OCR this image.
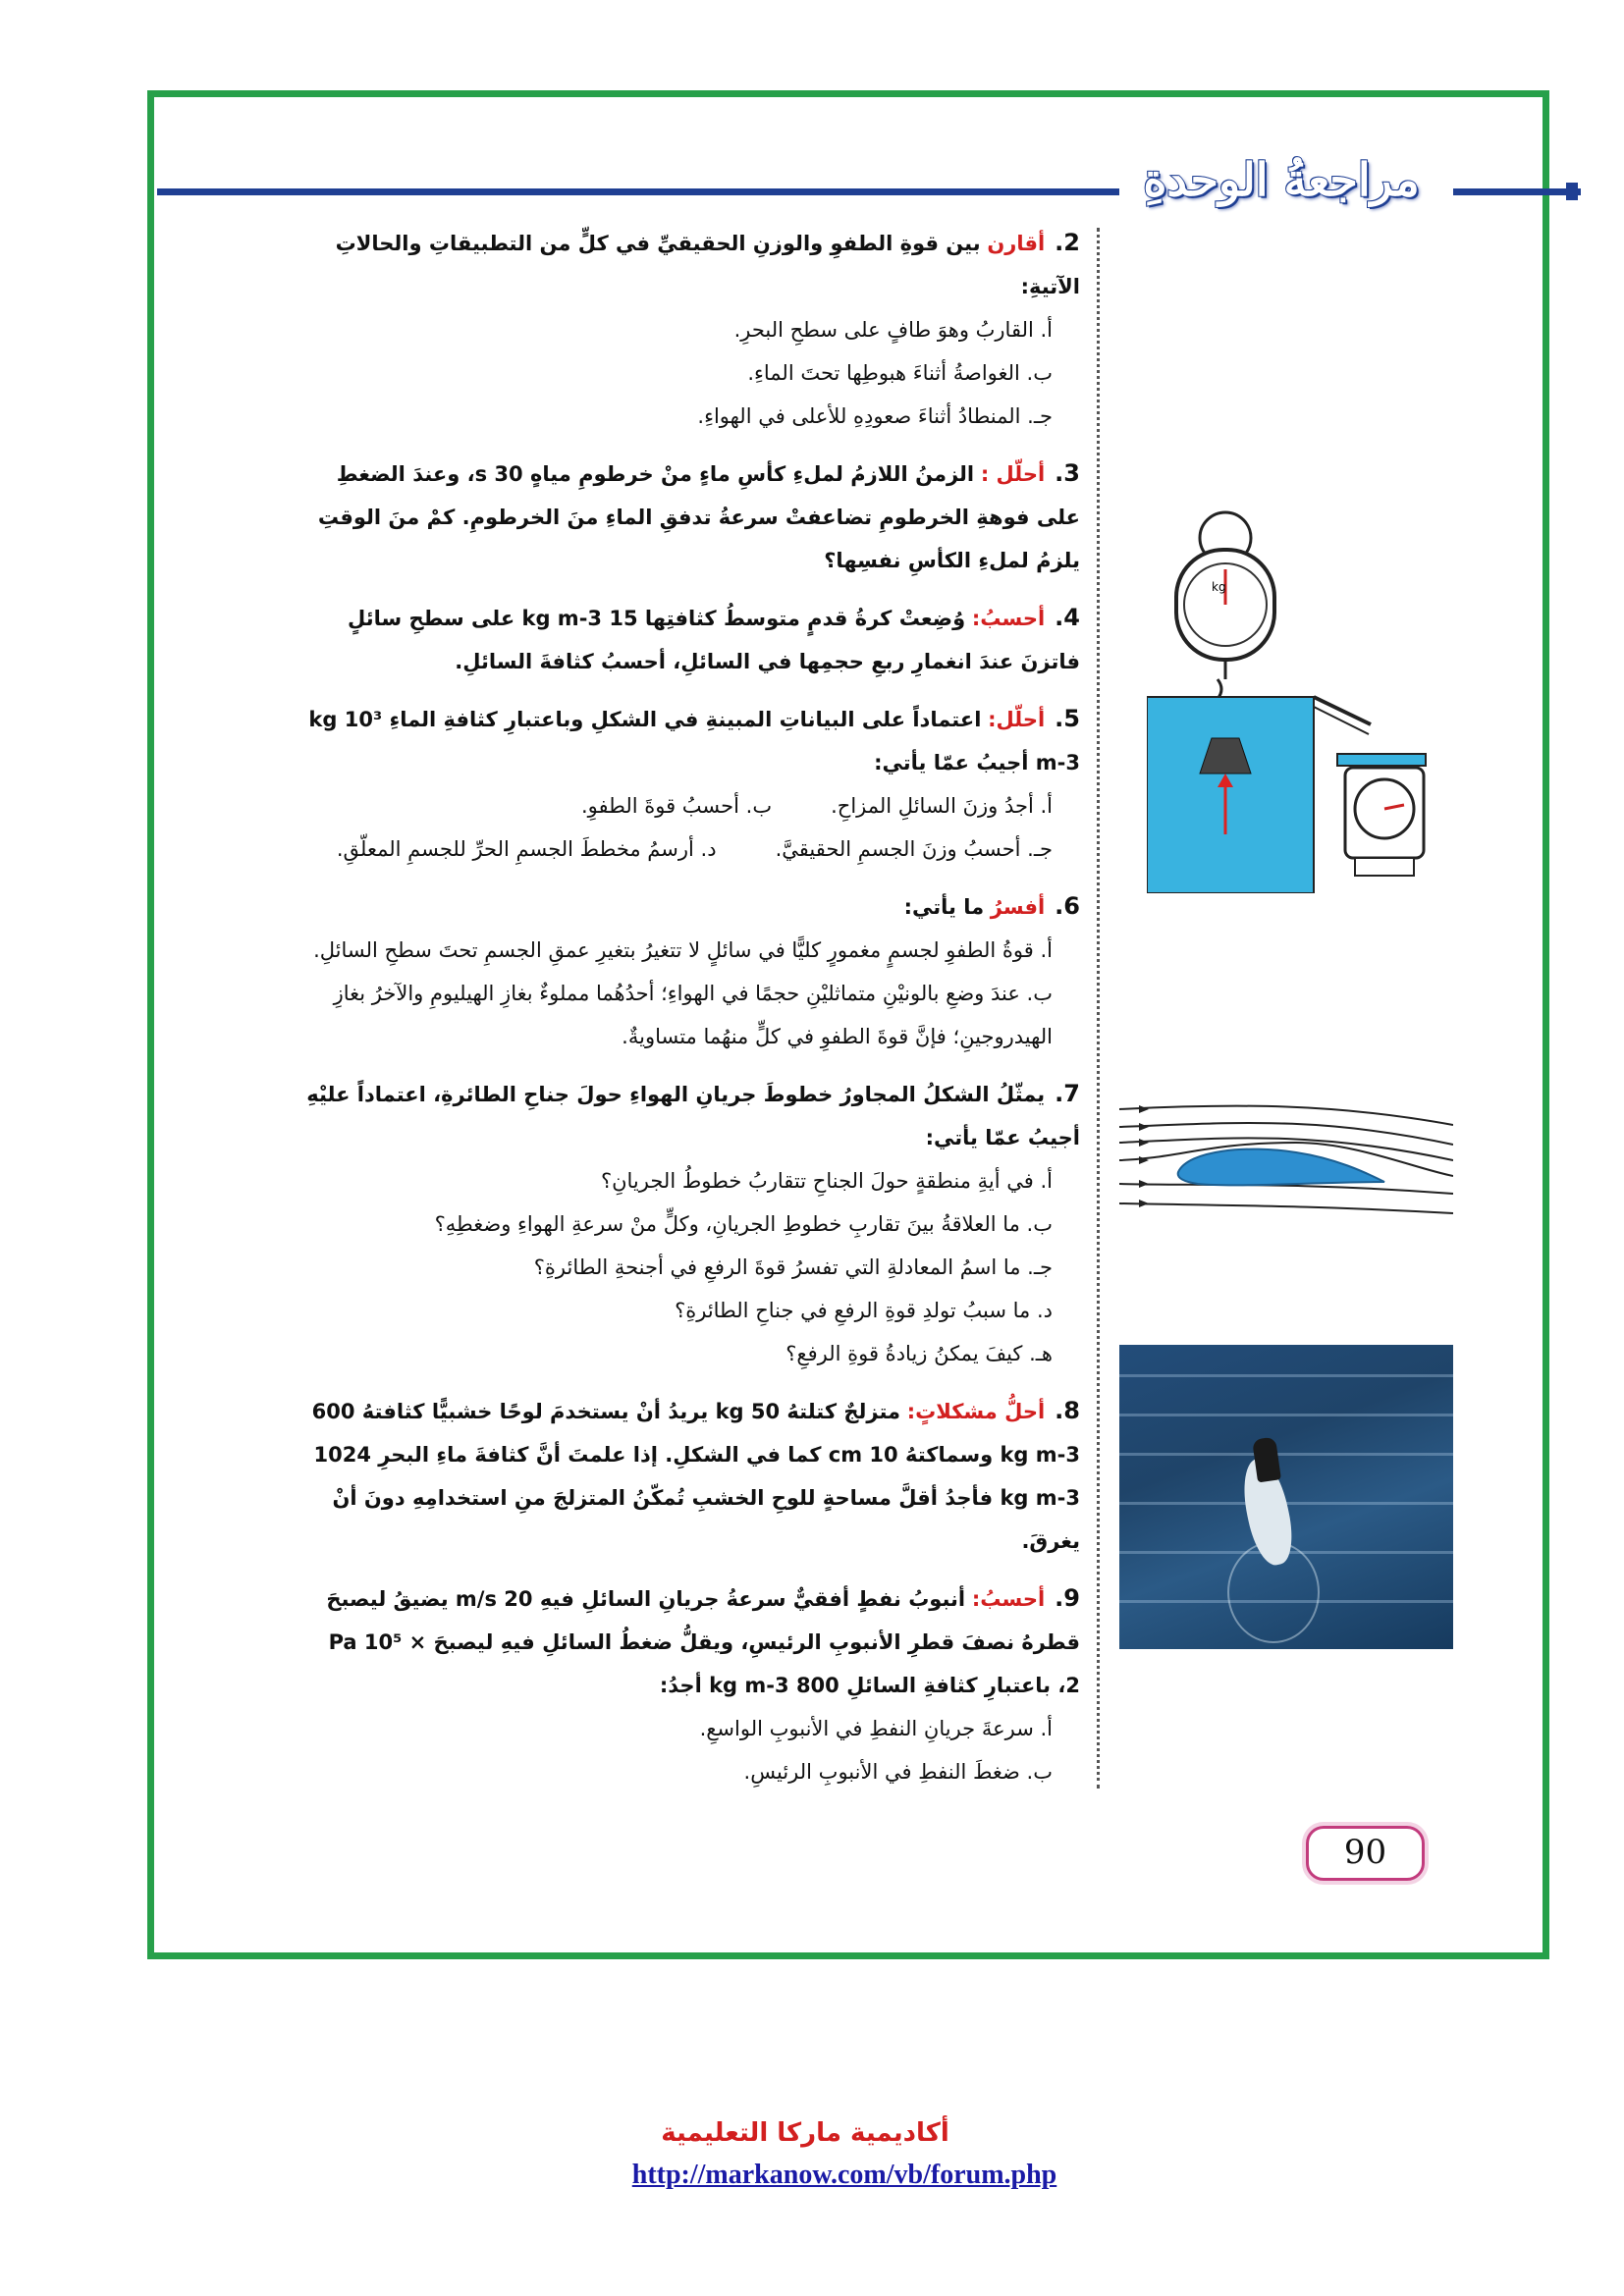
مراجعةُ الوحدةِ
2.أقارن بين قوةِ الطفوِ والوزنِ الحقيقيِّ في كلٍّ من التطبيقاتِ والحالاتِ الآتيةِ:
أ. القاربُ وهوَ طافٍ على سطحِ البحرِ.
ب. الغواصةُ أثناءَ هبوطِها تحتَ الماءِ.
جـ. المنطادُ أثناءَ صعودِهِ للأعلى في الهواءِ.
3.أحلّل : الزمنُ اللازمُ لملءِ كأسِ ماءٍ منْ خرطومِ مياهٍ s 30، وعندَ الضغطِ على فوهةِ الخرطومِ تضاعفتْ سرعةُ تدفقِ الماءِ منَ الخرطومِ. كمْ منَ الوقتِ يلزمُ لملءِ الكأسِ نفسِها؟
4.أحسبُ: وُضِعتْ كرةُ قدمٍ متوسطُ كثافتِها 15 kg m-3 على سطحِ سائلٍ فاتزنَ عندَ انغمارِ ربعِ حجمِها في السائلِ، أحسبُ كثافةَ السائلِ.
5.أحلّل: اعتماداً على البياناتِ المبينةِ في الشكلِ وباعتبارِ كثافةِ الماءِ 10³ kg m-3 أجيبُ عمّا يأتي:
أ. أجدُ وزنَ السائلِ المزاحِ.
ب. أحسبُ قوةَ الطفوِ.
جـ. أحسبُ وزنَ الجسمِ الحقيقيَّ.
د. أرسمُ مخططَ الجسمِ الحرِّ للجسمِ المعلّقِ.
6.أفسرُ ما يأتي:
أ. قوةُ الطفوِ لجسمٍ مغمورٍ كليًّا في سائلٍ لا تتغيرُ بتغيرِ عمقِ الجسمِ تحتَ سطحِ السائلِ.
ب. عندَ وضعِ بالونيْنِ متماثليْنِ حجمًا في الهواءِ؛ أحدُهُما مملوءٌ بغازِ الهيليومِ والآخرُ بغازِ الهيدروجينِ؛ فإنَّ قوةَ الطفوِ في كلٍّ منهُما متساويةٌ.
7.يمثّلُ الشكلُ المجاورُ خطوطَ جريانِ الهواءِ حولَ جناحِ الطائرةِ، اعتماداً عليْهِ أجيبُ عمّا يأتي:
أ. في أيةِ منطقةٍ حولَ الجناحِ تتقاربُ خطوطُ الجريانِ؟
ب. ما العلاقةُ بينَ تقاربِ خطوطِ الجريانِ، وكلٍّ منْ سرعةِ الهواءِ وضغطِهِ؟
جـ. ما اسمُ المعادلةِ التي تفسرُ قوةَ الرفعِ في أجنحةِ الطائرةِ؟
د. ما سببُ تولدِ قوةِ الرفعِ في جناحِ الطائرةِ؟
هـ. كيفَ يمكنُ زيادةُ قوةِ الرفعِ؟
8.أحلُّ مشكلاتٍ: متزلجٌ كتلتهُ 50 kg يريدُ أنْ يستخدمَ لوحًا خشبيًّا كثافتهُ 600 kg m-3 وسماكتهُ 10 cm كما في الشكلِ. إذا علمتَ أنَّ كثافةَ ماءِ البحرِ 1024 kg m-3 فأجدُ أقلَّ مساحةٍ للوحِ الخشبِ تُمكّنُ المتزلجَ منِ استخدامِهِ دونَ أنْ يغرقَ.
9.أحسبُ: أنبوبُ نفطٍ أفقيٌّ سرعةُ جريانِ السائلِ فيهِ 20 m/s يضيقُ ليصبحَ قطرهُ نصفَ قطرِ الأنبوبِ الرئيسِ، ويقلُّ ضغطُ السائلِ فيهِ ليصبحَ Pa 10⁵ × 2، باعتبارِ كثافةِ السائلِ 800 kg m-3 أجدُ:
أ. سرعةَ جريانِ النفطِ في الأنبوبِ الواسعِ.
ب. ضغطَ النفطِ في الأنبوبِ الرئيسِ.
kg
90
أكاديمية ماركا التعليمية
http://markanow.com/vb/forum.php
